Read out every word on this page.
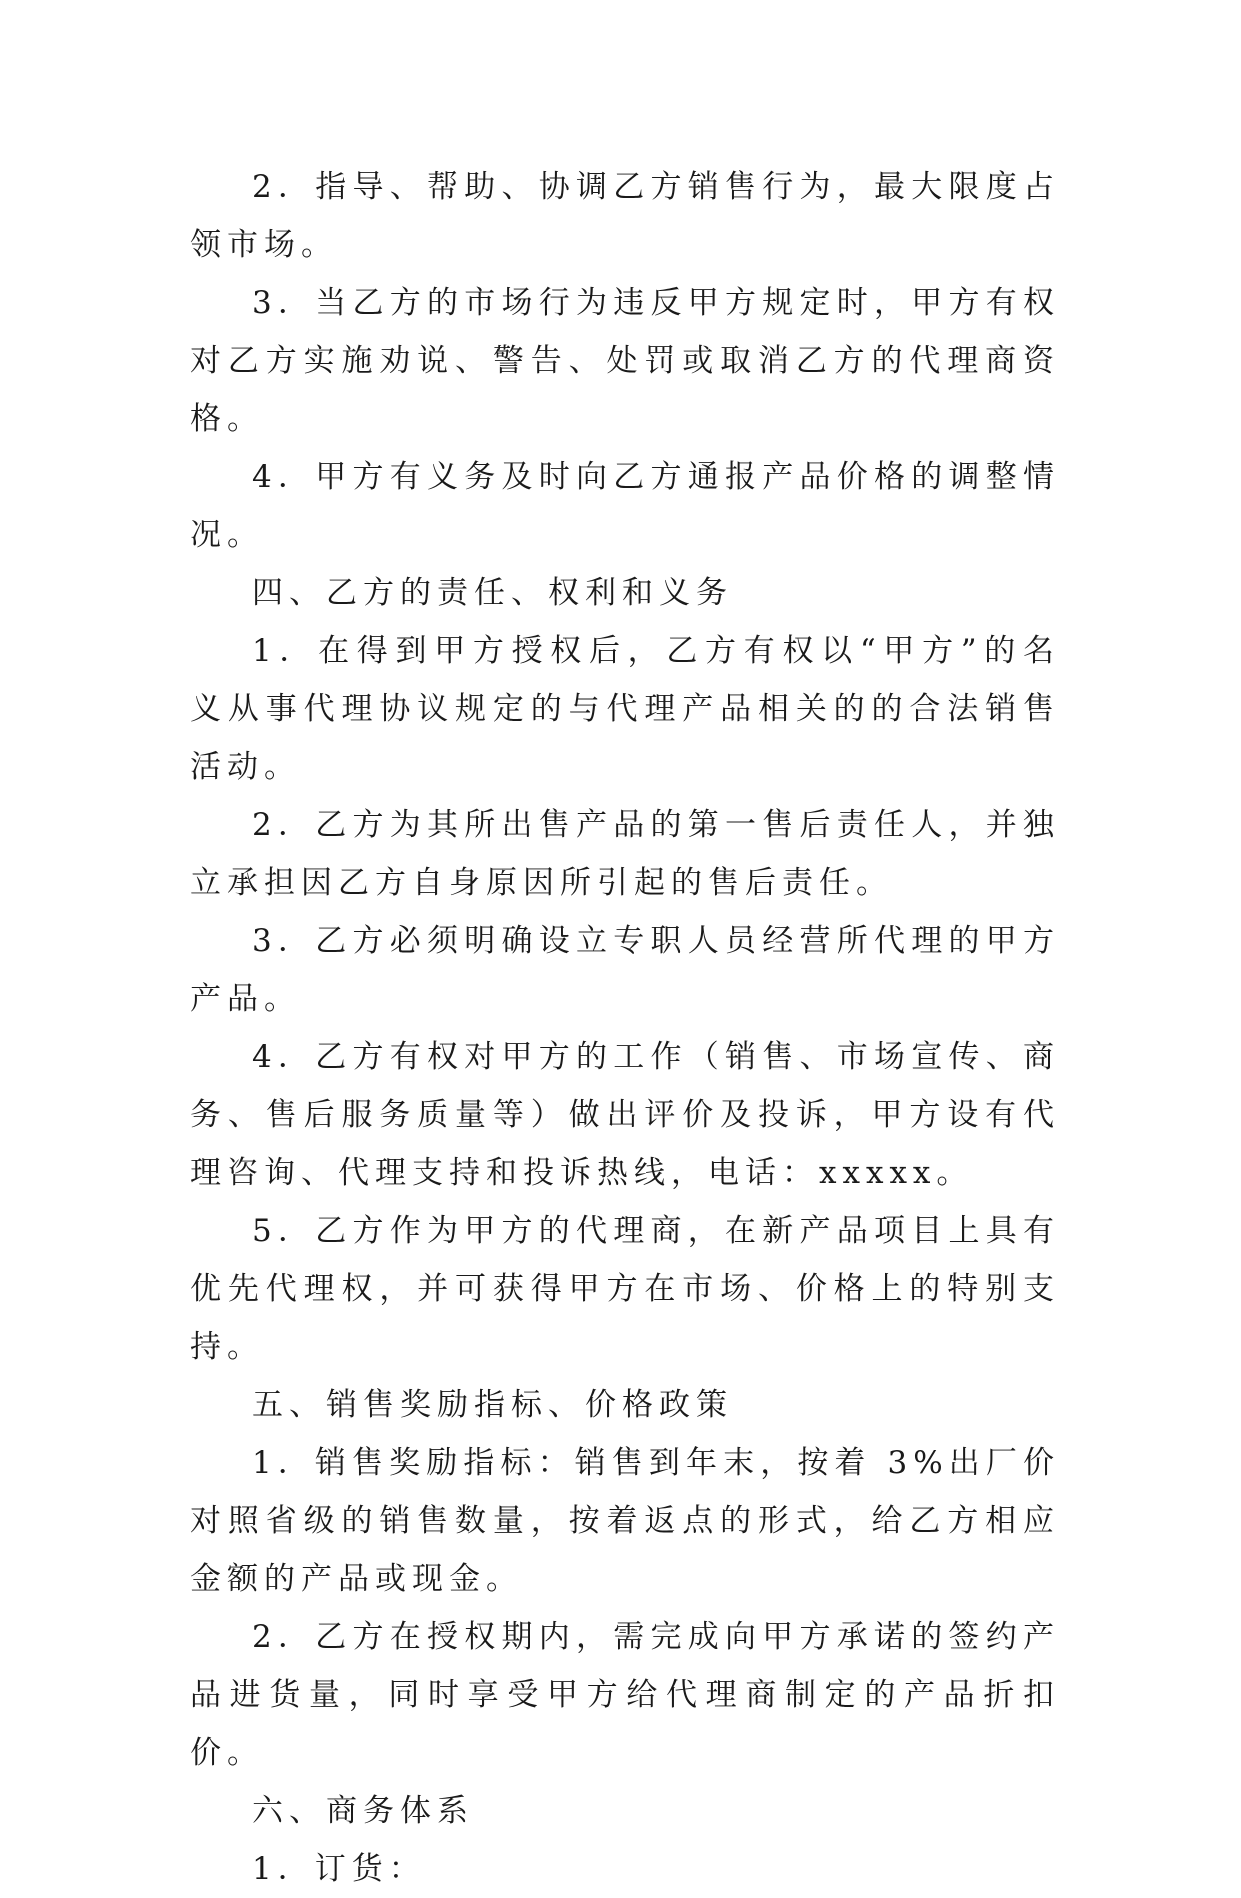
2．指导、帮助、协调乙方销售行为，最大限度占领市场。

3．当乙方的市场行为违反甲方规定时，甲方有权对乙方实施劝说、警告、处罚或取消乙方的代理商资格。

4．甲方有义务及时向乙方通报产品价格的调整情况。

四、乙方的责任、权利和义务

1．在得到甲方授权后，乙方有权以“甲方”的名义从事代理协议规定的与代理产品相关的的合法销售活动。

2．乙方为其所出售产品的第一售后责任人，并独立承担因乙方自身原因所引起的售后责任。

3．乙方必须明确设立专职人员经营所代理的甲方产品。

4．乙方有权对甲方的工作（销售、市场宣传、商务、售后服务质量等）做出评价及投诉，甲方设有代理咨询、代理支持和投诉热线，电话：xxxxx。

5．乙方作为甲方的代理商，在新产品项目上具有优先代理权，并可获得甲方在市场、价格上的特别支持。

五、销售奖励指标、价格政策

1．销售奖励指标：销售到年末，按着 3%出厂价对照省级的销售数量，按着返点的形式，给乙方相应金额的产品或现金。

2．乙方在授权期内，需完成向甲方承诺的签约产品进货量，同时享受甲方给代理商制定的产品折扣价。

六、商务体系

1．订货：
